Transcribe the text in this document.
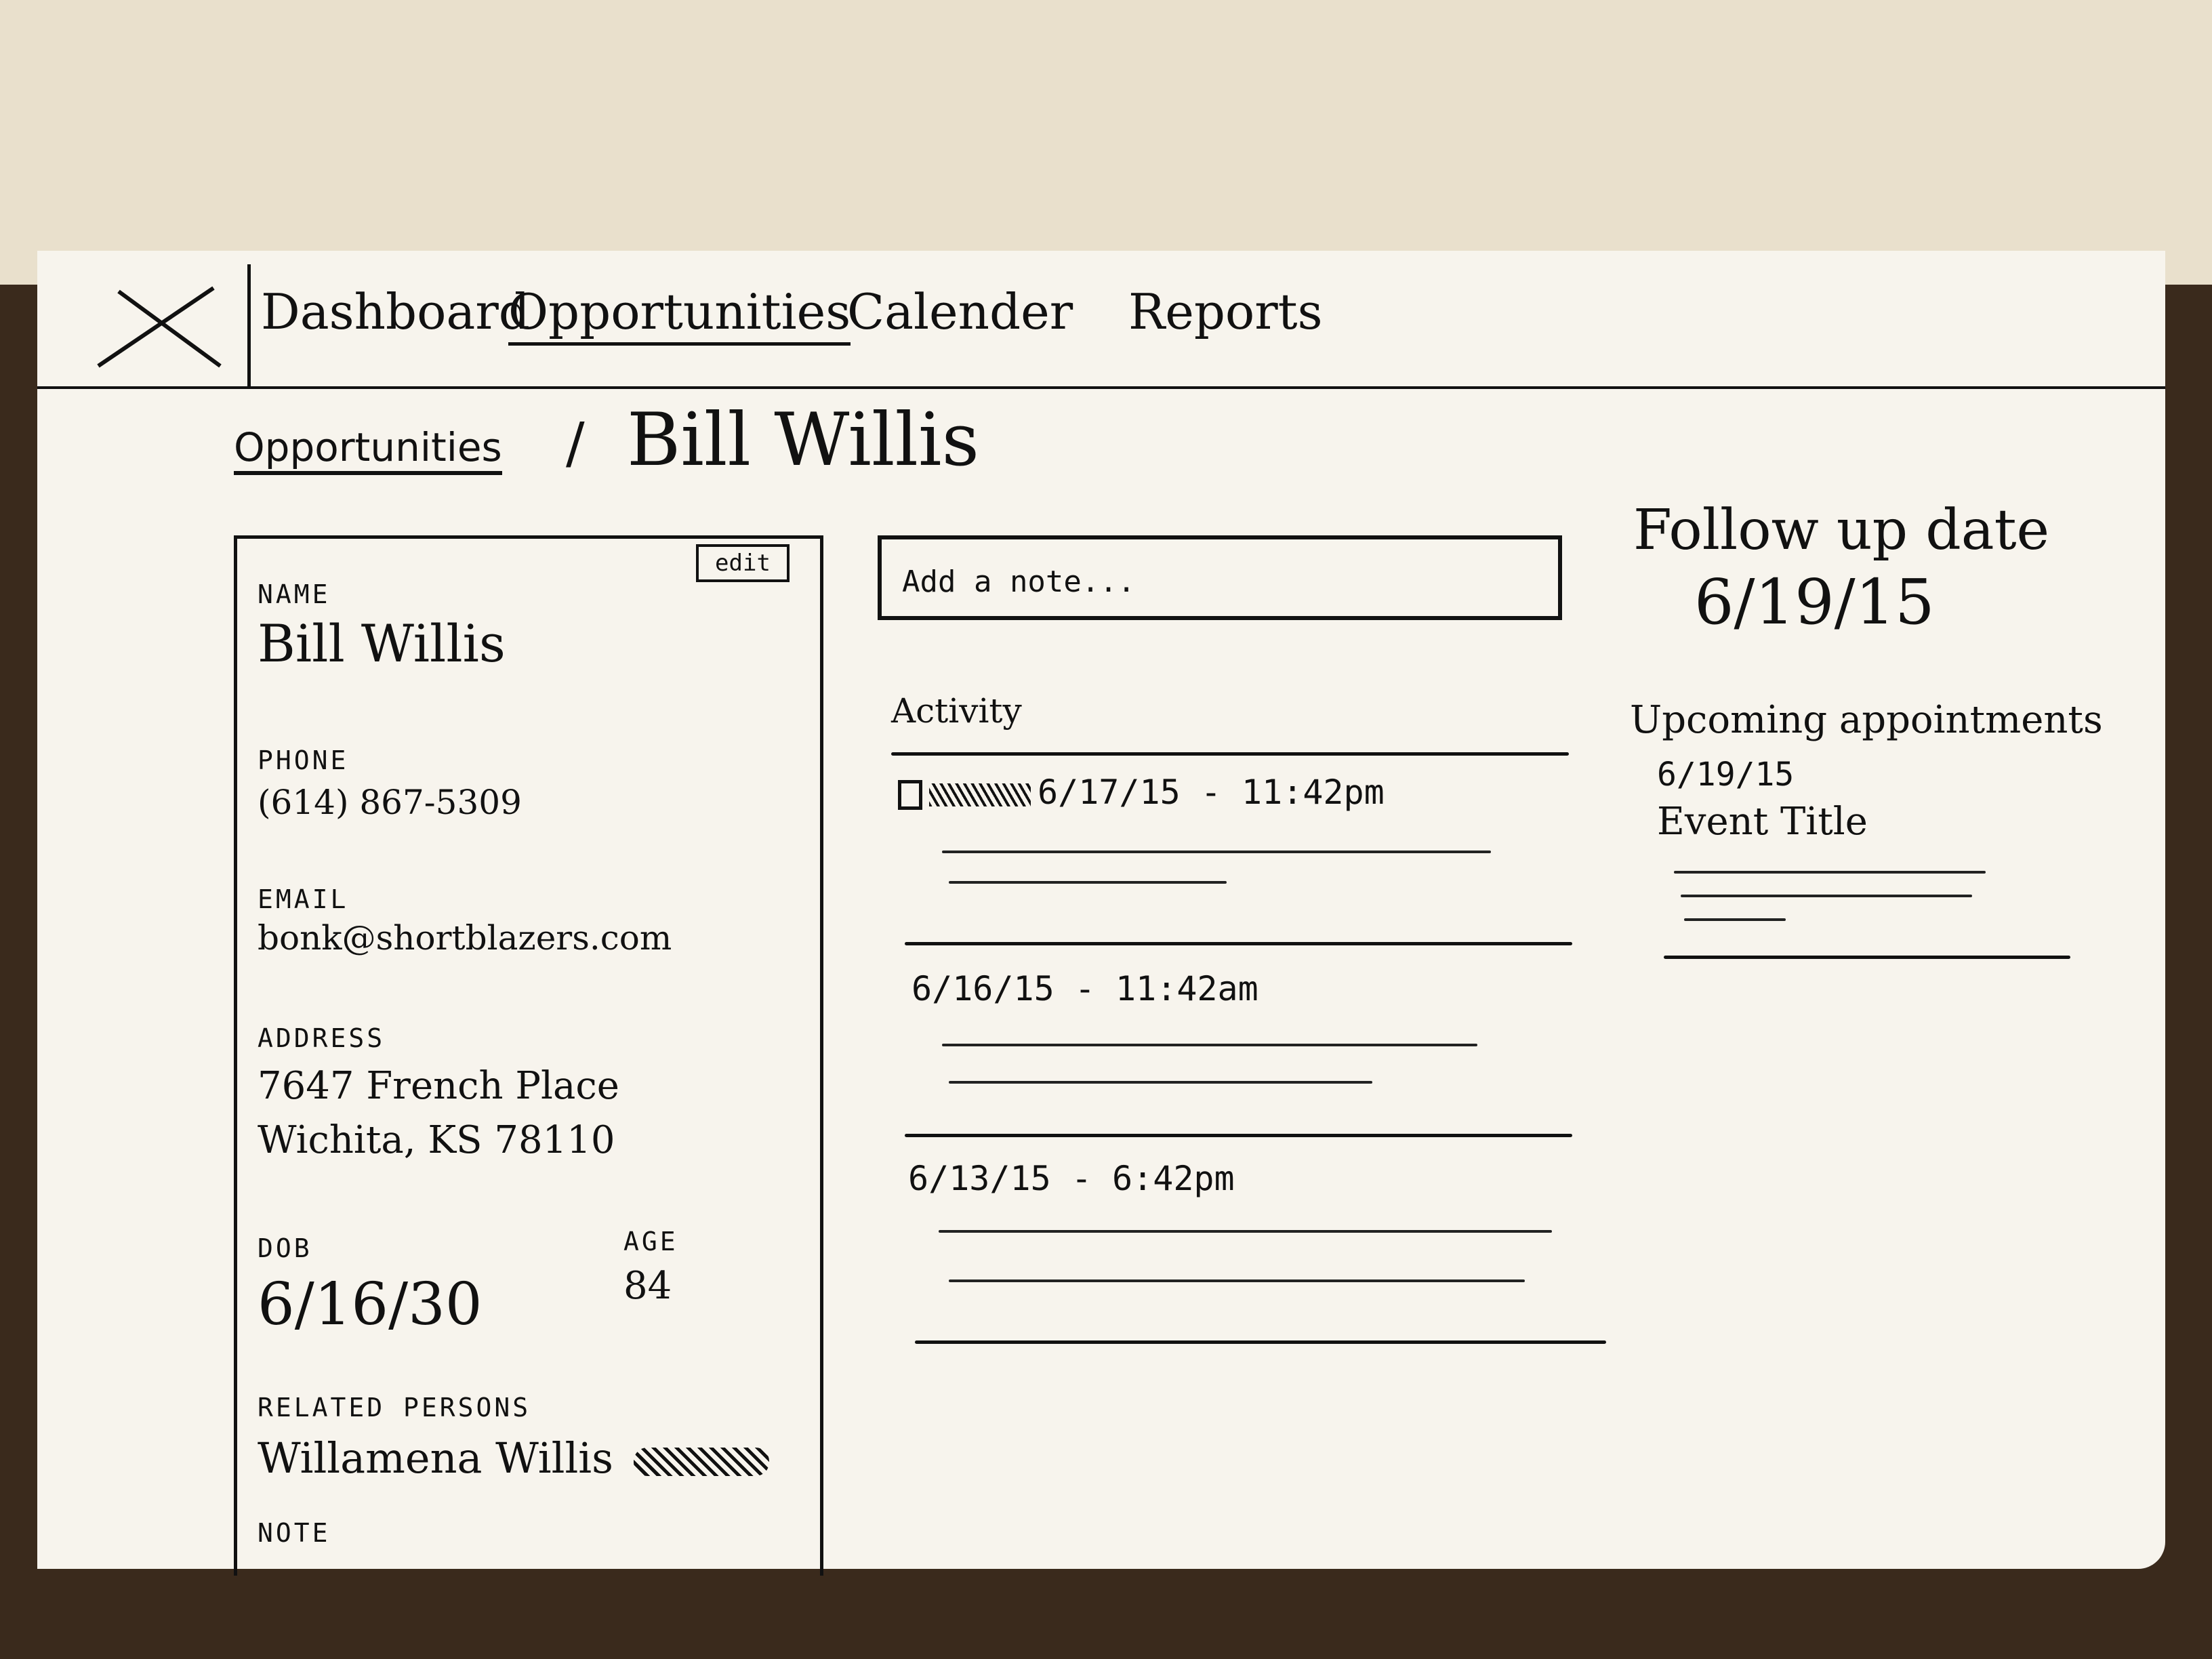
Dashboard
Opportunities
Calender Reports
Opportunities / Bill Willis
edit
NAME
Bill Willis
PHONE
(614) 867-5309
EMAIL
bonk@shortblazers.com
ADDRESS
7647 French Place
Wichita, KS 78110
DOB
6/16/30
AGE
84
RELATED PERSONS
Willamena Willis
NOTE
Add a note...
Activity
6/17/15 - 11:42pm
6/16/15 - 11:42am
6/13/15 - 6:42pm
Follow up date
6/19/15
Upcoming appointments
6/19/15
Event Title
